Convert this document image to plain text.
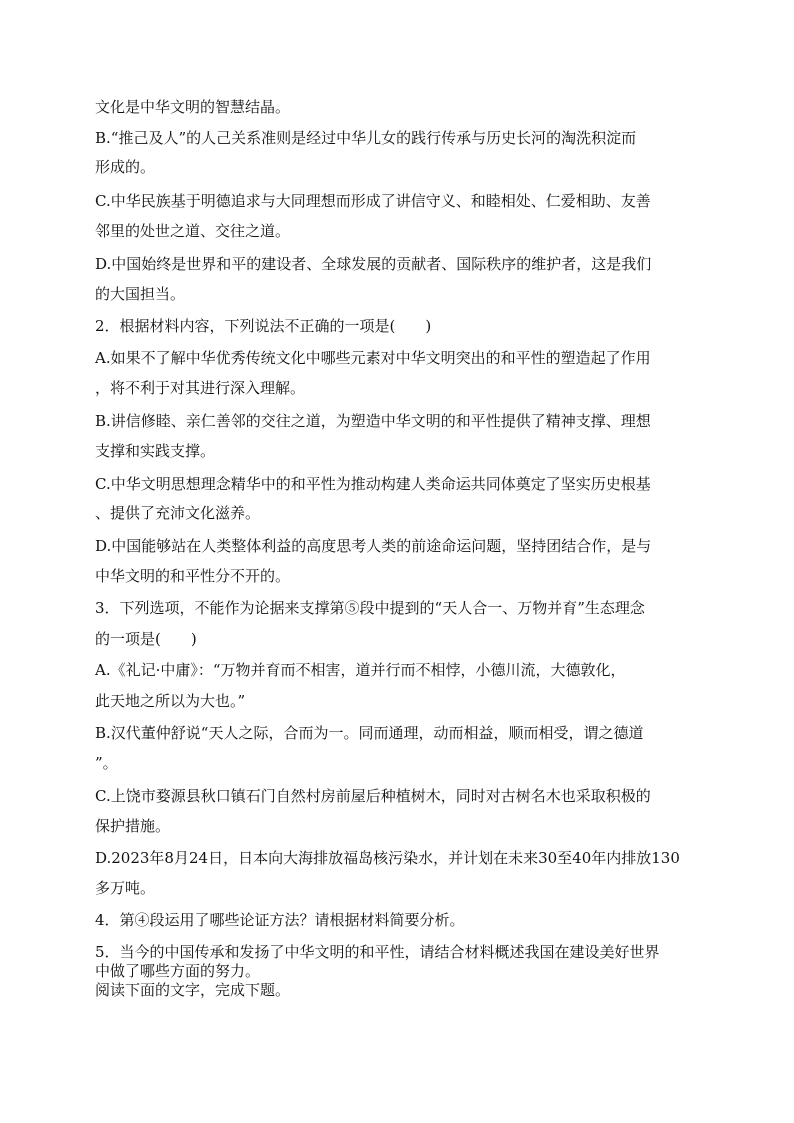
文化是中华文明的智慧结晶。
B.“推己及人”的人己关系准则是经过中华儿女的践行传承与历史长河的淘洗积淀而
形成的。
C.中华民族基于明德追求与大同理想而形成了讲信守义、和睦相处、仁爱相助、友善
邻里的处世之道、交往之道。
D.中国始终是世界和平的建设者、全球发展的贡献者、国际秩序的维护者，这是我们
的大国担当。
2．根据材料内容，下列说法不正确的一项是(　　)
A.如果不了解中华优秀传统文化中哪些元素对中华文明突出的和平性的塑造起了作用
，将不利于对其进行深入理解。
B.讲信修睦、亲仁善邻的交往之道，为塑造中华文明的和平性提供了精神支撑、理想
支撑和实践支撑。
C.中华文明思想理念精华中的和平性为推动构建人类命运共同体奠定了坚实历史根基
、提供了充沛文化滋养。
D.中国能够站在人类整体利益的高度思考人类的前途命运问题，坚持团结合作，是与
中华文明的和平性分不开的。
3．下列选项，不能作为论据来支撑第⑤段中提到的“天人合一、万物并育”生态理念
的一项是(　　)
A.《礼记·中庸》：“万物并育而不相害，道并行而不相悖，小德川流，大德敦化，
此天地之所以为大也。”
B.汉代董仲舒说“天人之际，合而为一。同而通理，动而相益，顺而相受，谓之德道
”。
C.上饶市婺源县秋口镇石门自然村房前屋后种植树木，同时对古树名木也采取积极的
保护措施。
D.2023年8月24日，日本向大海排放福岛核污染水，并计划在未来30至40年内排放130
多万吨。
4．第④段运用了哪些论证方法？请根据材料简要分析。
5．当今的中国传承和发扬了中华文明的和平性，请结合材料概述我国在建设美好世界
中做了哪些方面的努力。
阅读下面的文字，完成下题。
